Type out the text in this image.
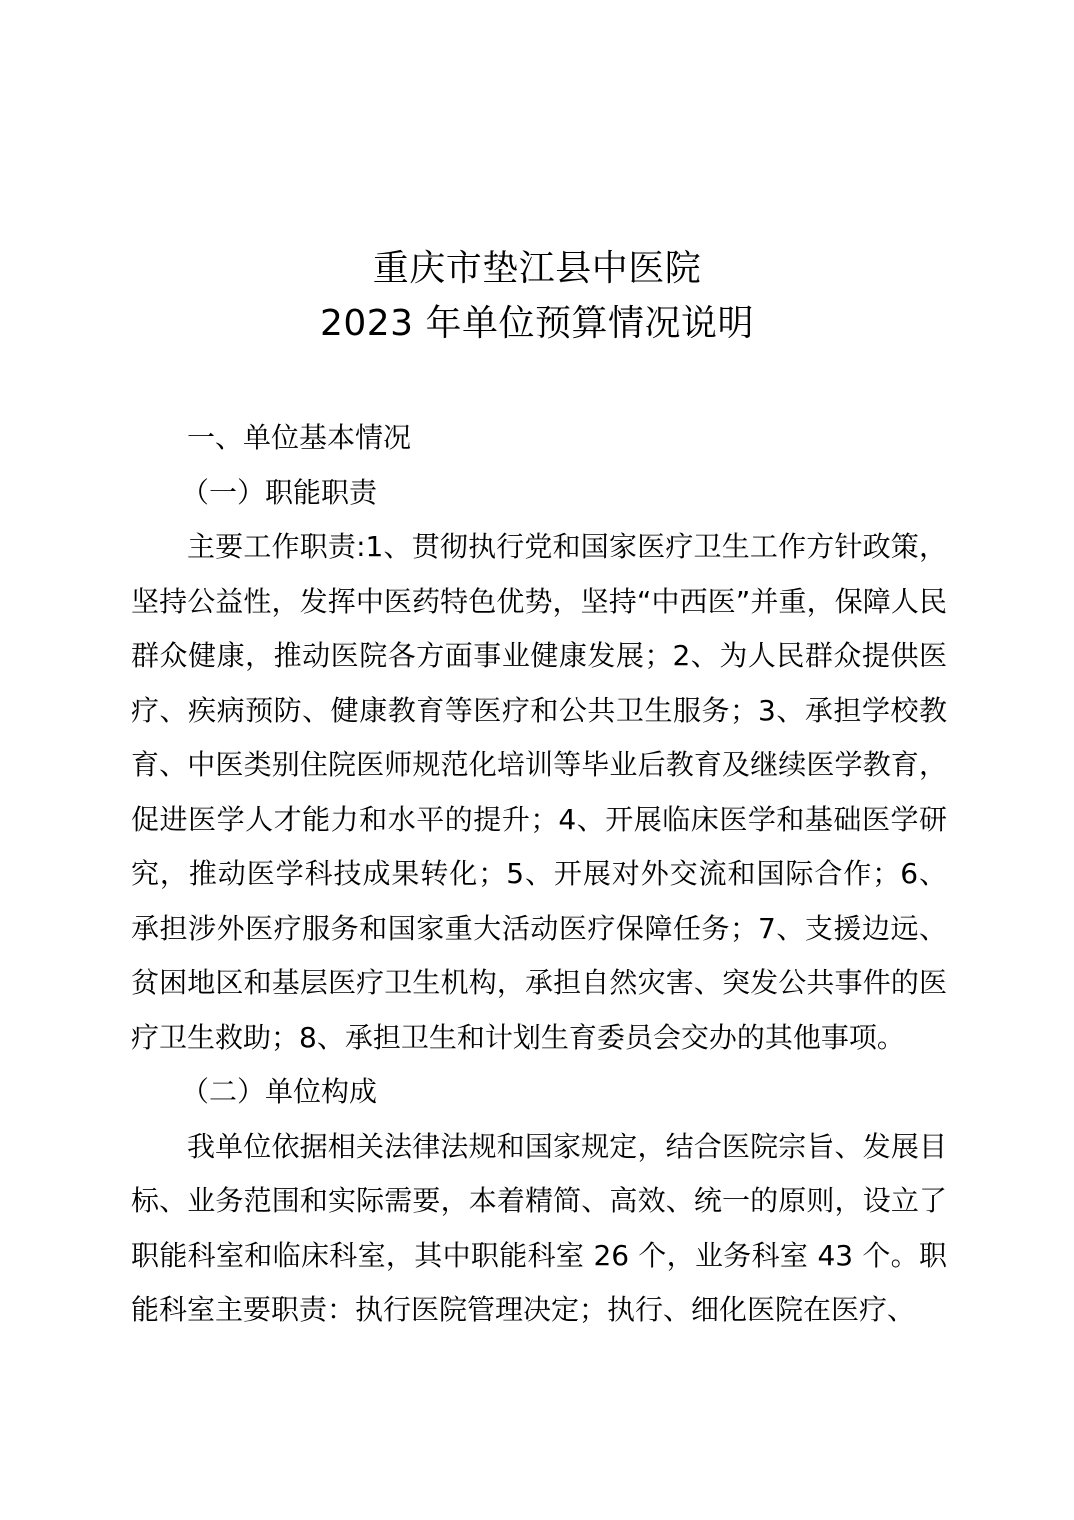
重庆市垫江县中医院
2023 年单位预算情况说明

一、单位基本情况

（一）职能职责

主要工作职责:1、贯彻执行党和国家医疗卫生工作方针政策，坚持公益性，发挥中医药特色优势，坚持“中西医”并重，保障人民群众健康，推动医院各方面事业健康发展；2、为人民群众提供医疗、疾病预防、健康教育等医疗和公共卫生服务；3、承担学校教育、中医类别住院医师规范化培训等毕业后教育及继续医学教育，促进医学人才能力和水平的提升；4、开展临床医学和基础医学研究，推动医学科技成果转化；5、开展对外交流和国际合作；6、承担涉外医疗服务和国家重大活动医疗保障任务；7、支援边远、贫困地区和基层医疗卫生机构，承担自然灾害、突发公共事件的医疗卫生救助；8、承担卫生和计划生育委员会交办的其他事项。

（二）单位构成

我单位依据相关法律法规和国家规定，结合医院宗旨、发展目标、业务范围和实际需要，本着精简、高效、统一的原则，设立了职能科室和临床科室，其中职能科室 26 个，业务科室 43 个。职能科室主要职责：执行医院管理决定；执行、细化医院在医疗、
